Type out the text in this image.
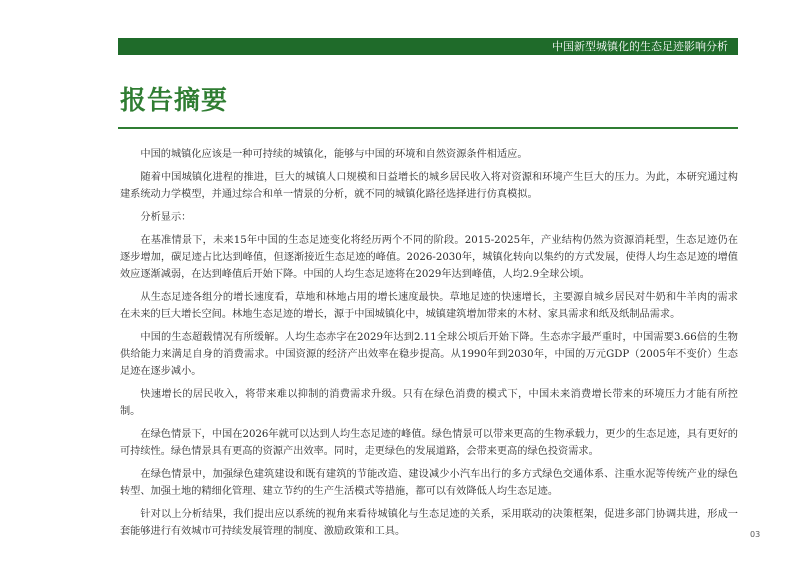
中国新型城镇化的生态足迹影响分析
报告摘要

中国的城镇化应该是一种可持续的城镇化，能够与中国的环境和自然资源条件相适应。

随着中国城镇化进程的推进，巨大的城镇人口规模和日益增长的城乡居民收入将对资源和环境产生巨大的压力。为此，本研究通过构建系统动力学模型，并通过综合和单一情景的分析，就不同的城镇化路径选择进行仿真模拟。

分析显示：

在基准情景下，未来15年中国的生态足迹变化将经历两个不同的阶段。2015-2025年，产业结构仍然为资源消耗型，生态足迹仍在逐步增加，碳足迹占比达到峰值，但逐渐接近生态足迹的峰值。2026-2030年，城镇化转向以集约的方式发展，使得人均生态足迹的增值效应逐渐减弱，在达到峰值后开始下降。中国的人均生态足迹将在2029年达到峰值，人均2.9全球公顷。

从生态足迹各组分的增长速度看，草地和林地占用的增长速度最快。草地足迹的快速增长，主要源自城乡居民对牛奶和牛羊肉的需求在未来的巨大增长空间。林地生态足迹的增长，源于中国城镇化中，城镇建筑增加带来的木材、家具需求和纸及纸制品需求。

中国的生态超载情况有所缓解。人均生态赤字在2029年达到2.11全球公顷后开始下降。生态赤字最严重时，中国需要3.66倍的生物供给能力来满足自身的消费需求。中国资源的经济产出效率在稳步提高。从1990年到2030年，中国的万元GDP（2005年不变价）生态足迹在逐步减小。

快速增长的居民收入，将带来难以抑制的消费需求升级。只有在绿色消费的模式下，中国未来消费增长带来的环境压力才能有所控制。

在绿色情景下，中国在2026年就可以达到人均生态足迹的峰值。绿色情景可以带来更高的生物承载力，更少的生态足迹，具有更好的可持续性。绿色情景具有更高的资源产出效率。同时，走更绿色的发展道路，会带来更高的绿色投资需求。

在绿色情景中，加强绿色建筑建设和既有建筑的节能改造、建设减少小汽车出行的多方式绿色交通体系、注重水泥等传统产业的绿色转型、加强土地的精细化管理、建立节约的生产生活模式等措施，都可以有效降低人均生态足迹。

针对以上分析结果，我们提出应以系统的视角来看待城镇化与生态足迹的关系，采用联动的决策框架，促进多部门协调共进，形成一套能够进行有效城市可持续发展管理的制度、激励政策和工具。	03
